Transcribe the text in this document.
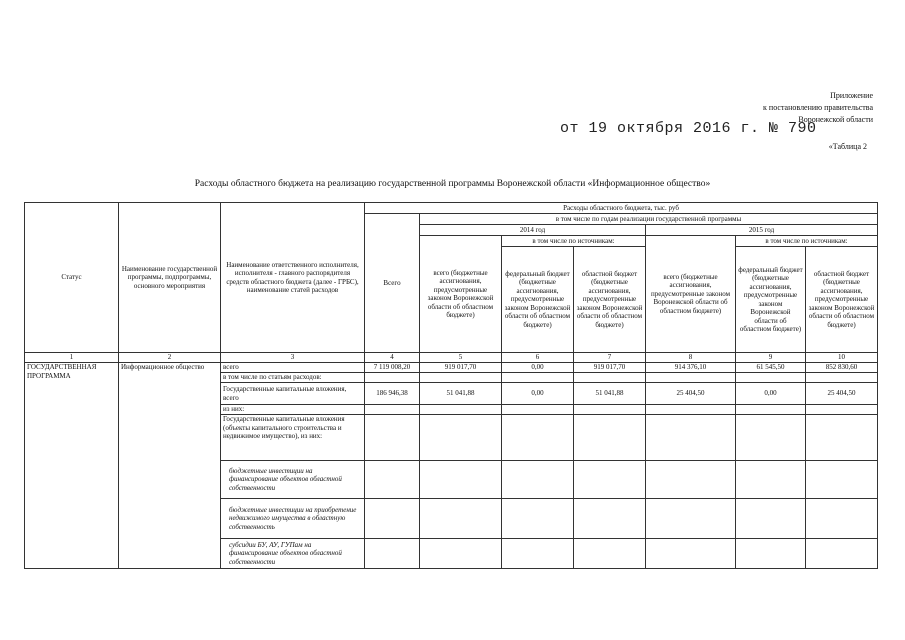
Приложение
к постановлению правительства
Воронежской области
от 19 октября 2016 г. № 790
«Таблица 2
Расходы областного бюджета на реализацию государственной программы Воронежской области «Информационное общество»
Статус	Наименование государственной программы, подпрограммы, основного мероприятия	Наименование ответственного исполнителя, исполнителя - главного распорядителя средств областного бюджета (далее - ГРБС), наименование статей расходов	Расходы областного бюджета, тыс. руб						
			Всего	в том числе по годам реализации государственной программы					
				2014 год			2015 год		
				всего (бюджетные ассигнования, предусмотренные законом Воронежской области об областном бюджете)	в том числе по источникам:		всего (бюджетные ассигнования, предусмотренные законом Воронежской области об областном бюджете)	в том числе по источникам:	
					федеральный бюджет (бюджетные ассигнования, предусмотренные законом Воронежской области об областном бюджете)	областной бюджет (бюджетные ассигнования, предусмотренные законом Воронежской области об областном бюджете)		федеральный бюджет (бюджетные ассигнования, предусмотренные законом Воронежской области об областном бюджете)	областной бюджет (бюджетные ассигнования, предусмотренные законом Воронежской области об областном бюджете)
1	2	3	4	5	6	7	8	9	10
ГОСУДАРСТВЕННАЯ ПРОГРАММА	Информационное общество	всего	7 119 008,20	919 017,70	0,00	919 017,70	914 376,10	61 545,50	852 830,60
		в том числе по статьям расходов:							
		Государственные капитальные вложения, всего	186 946,38	51 041,88	0,00	51 041,88	25 404,50	0,00	25 404,50
		из них:							
		Государственные капитальные вложения (объекты капитального строительства и недвижимое имущество), из них:							
		бюджетные инвестиции на финансирование объектов областной собственности							
		бюджетные инвестиции на приобретение недвижимого имущества в областную собственность							
		субсидии БУ, АУ, ГУПам на финансирование объектов областной собственности							
